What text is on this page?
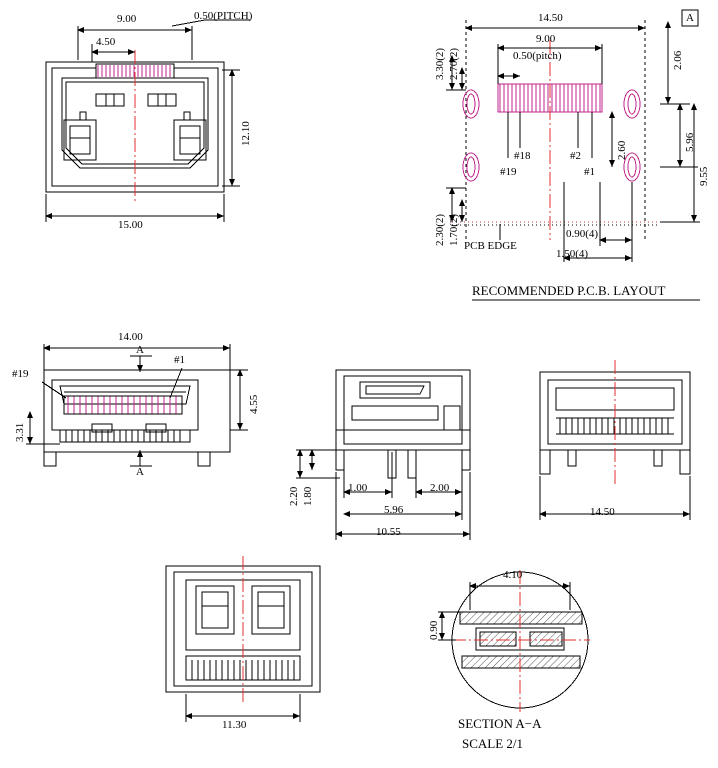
9.00
4.50
0.50(PITCH)
12.10
15.00
A
14.50
9.00
0.50(pitch)	2.06
3.30(2) 2.70(2)
2.30(2) 1.70(2)
2.60	5.96
9.55
0.90(4)
1.50(4)
#18
#19
#2
#1
PCB EDGE
RECOMMENDED P.C.B. LAYOUT
14.00
4.55
3.31
#1
#19
A
A
2.20 1.80	1.00	2.00
5.96
10.55
14.50
11.30
4.10
0.90
SECTION A−A
SCALE 2/1
